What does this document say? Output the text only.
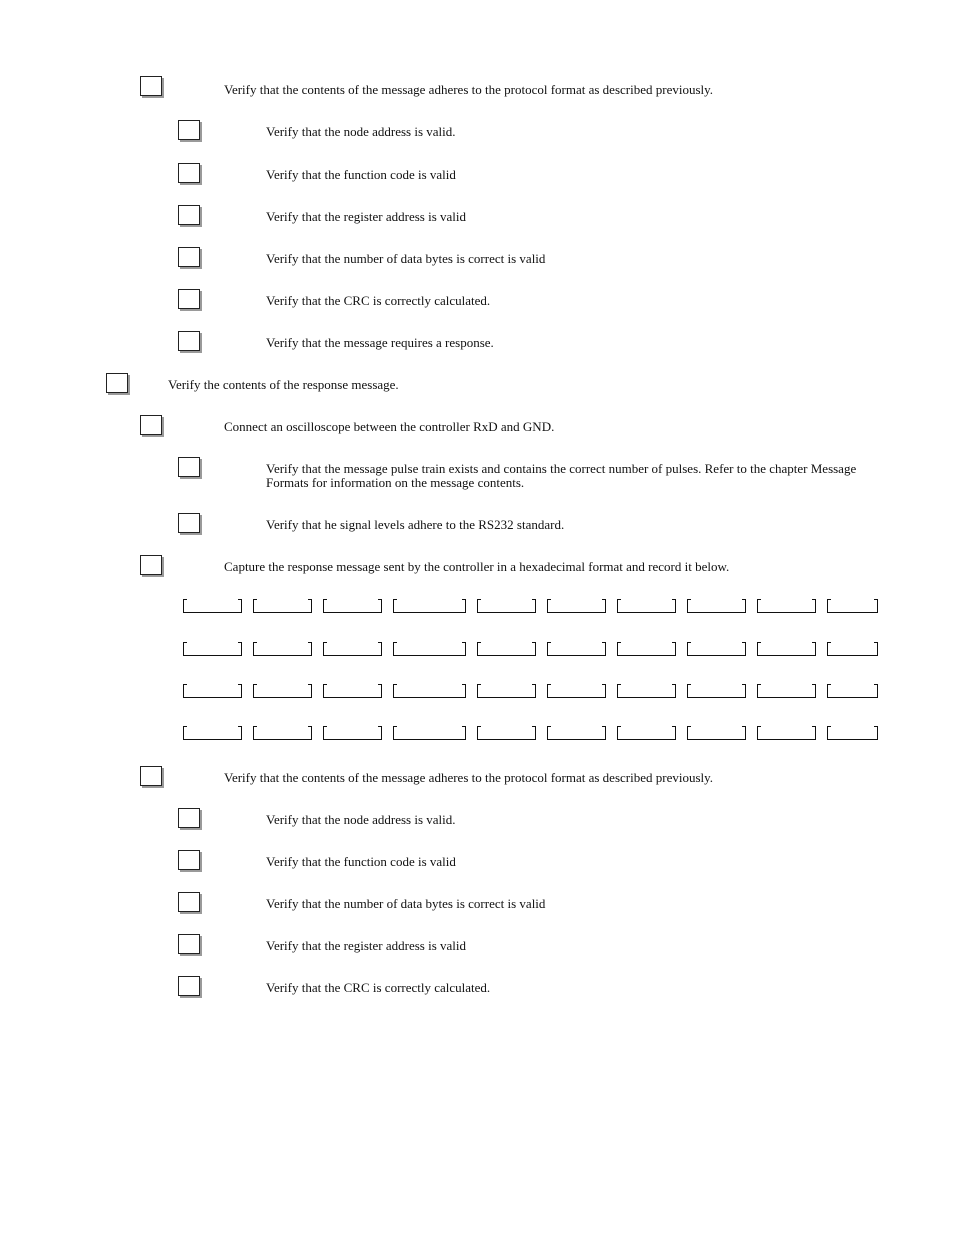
Verify that the contents of the message adheres to the protocol format as described previously.
Verify that the node address is valid.
Verify that the function code is valid
Verify that the register address is valid
Verify that the number of data bytes is correct is valid
Verify that the CRC is correctly calculated.
Verify that the message requires a response.
Verify the contents of the response message.
Connect an oscilloscope between the controller RxD and GND.
Verify that the message pulse train exists and contains the correct number of pulses. Refer to the chapter Message Formats for information on the message contents.
Verify that he signal levels adhere to the RS232 standard.
Capture the response message sent by the controller in a hexadecimal format and record it below.
Verify that the contents of the message adheres to the protocol format as described previously.
Verify that the node address is valid.
Verify that the function code is valid
Verify that the number of data bytes is correct is valid
Verify that the register address is valid
Verify that the CRC is correctly calculated.
